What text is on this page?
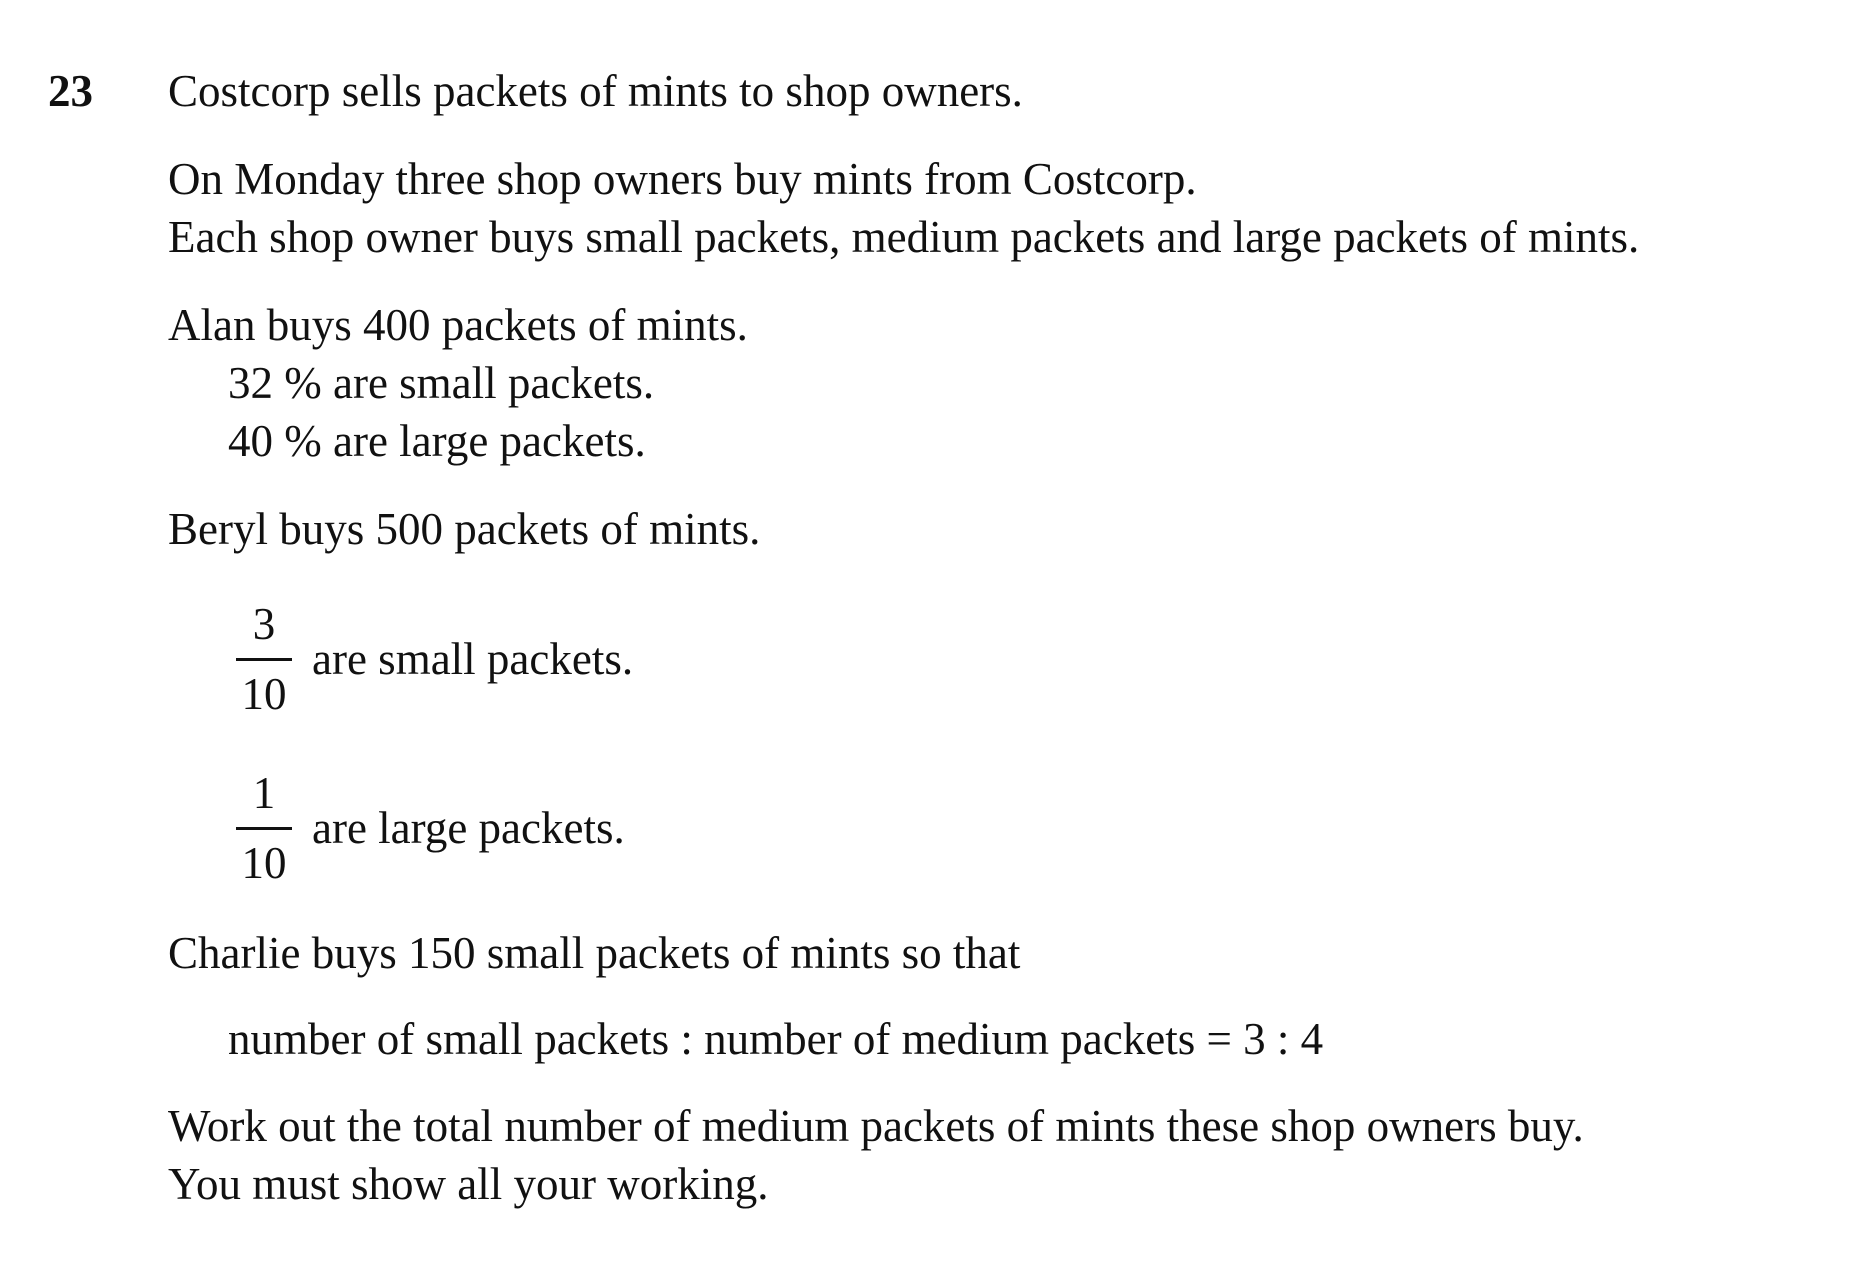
23 Costcorp sells packets of mints to shop owners.
On Monday three shop owners buy mints from Costcorp.
Each shop owner buys small packets, medium packets and large packets of mints.
Alan buys 400 packets of mints.
32 % are small packets.
40 % are large packets.
Beryl buys 500 packets of mints.
3
10
are small packets.
1
10
are large packets.
Charlie buys 150 small packets of mints so that
number of small packets : number of medium packets = 3 : 4
Work out the total number of medium packets of mints these shop owners buy.
You must show all your working.
